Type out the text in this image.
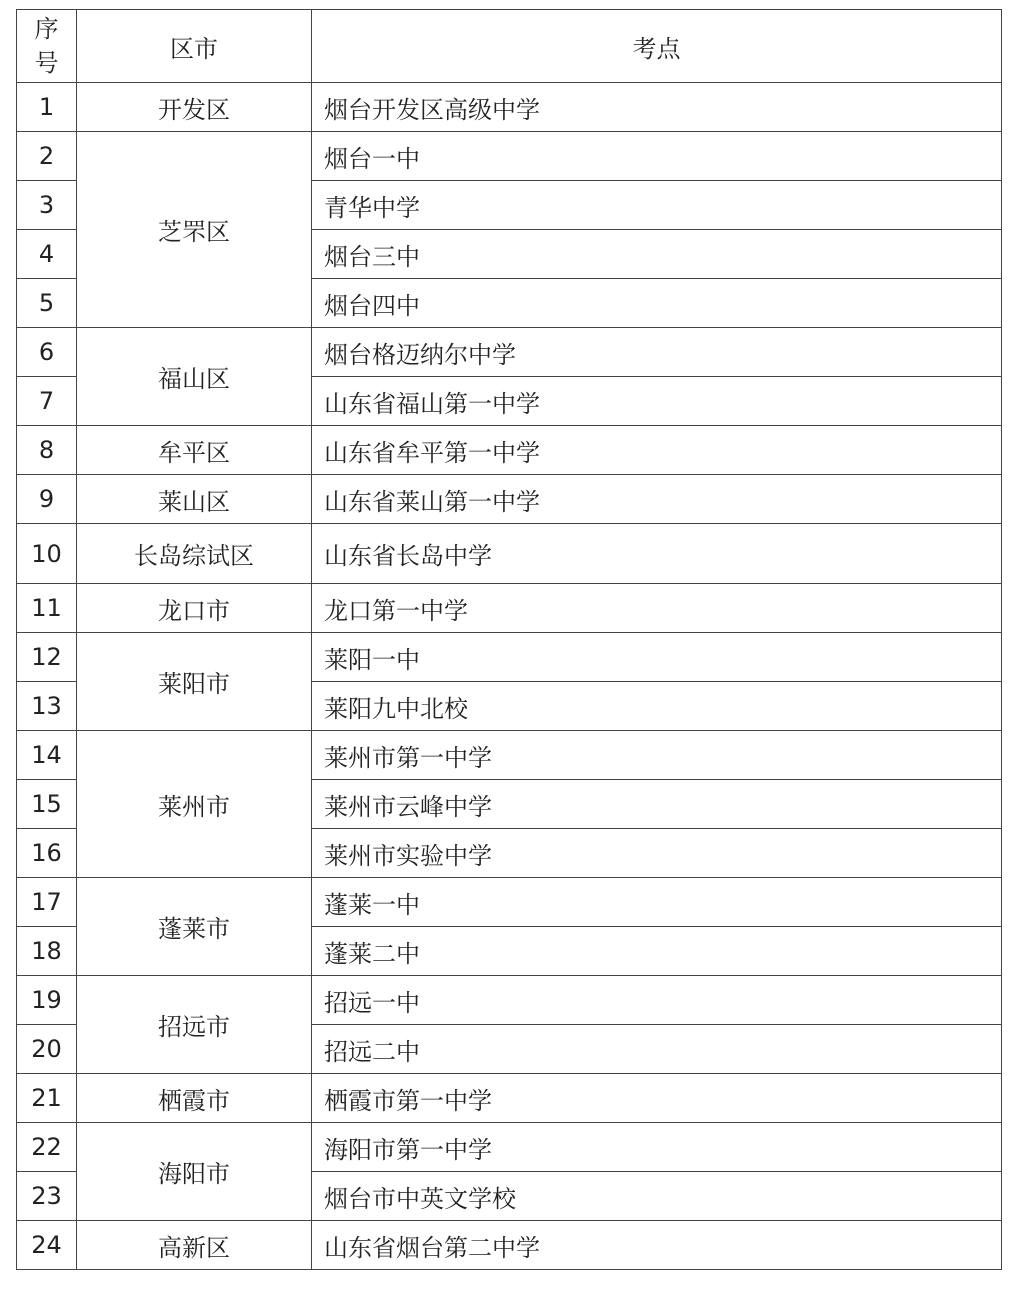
序号	区市	考点
1	开发区	烟台开发区高级中学
2	芝罘区	烟台一中
3		青华中学
4		烟台三中
5		烟台四中
6	福山区	烟台格迈纳尔中学
7		山东省福山第一中学
8	牟平区	山东省牟平第一中学
9	莱山区	山东省莱山第一中学
10	长岛综试区	山东省长岛中学
11	龙口市	龙口第一中学
12	莱阳市	莱阳一中
13		莱阳九中北校
14	莱州市	莱州市第一中学
15		莱州市云峰中学
16		莱州市实验中学
17	蓬莱市	蓬莱一中
18		蓬莱二中
19	招远市	招远一中
20		招远二中
21	栖霞市	栖霞市第一中学
22	海阳市	海阳市第一中学
23		烟台市中英文学校
24	高新区	山东省烟台第二中学
